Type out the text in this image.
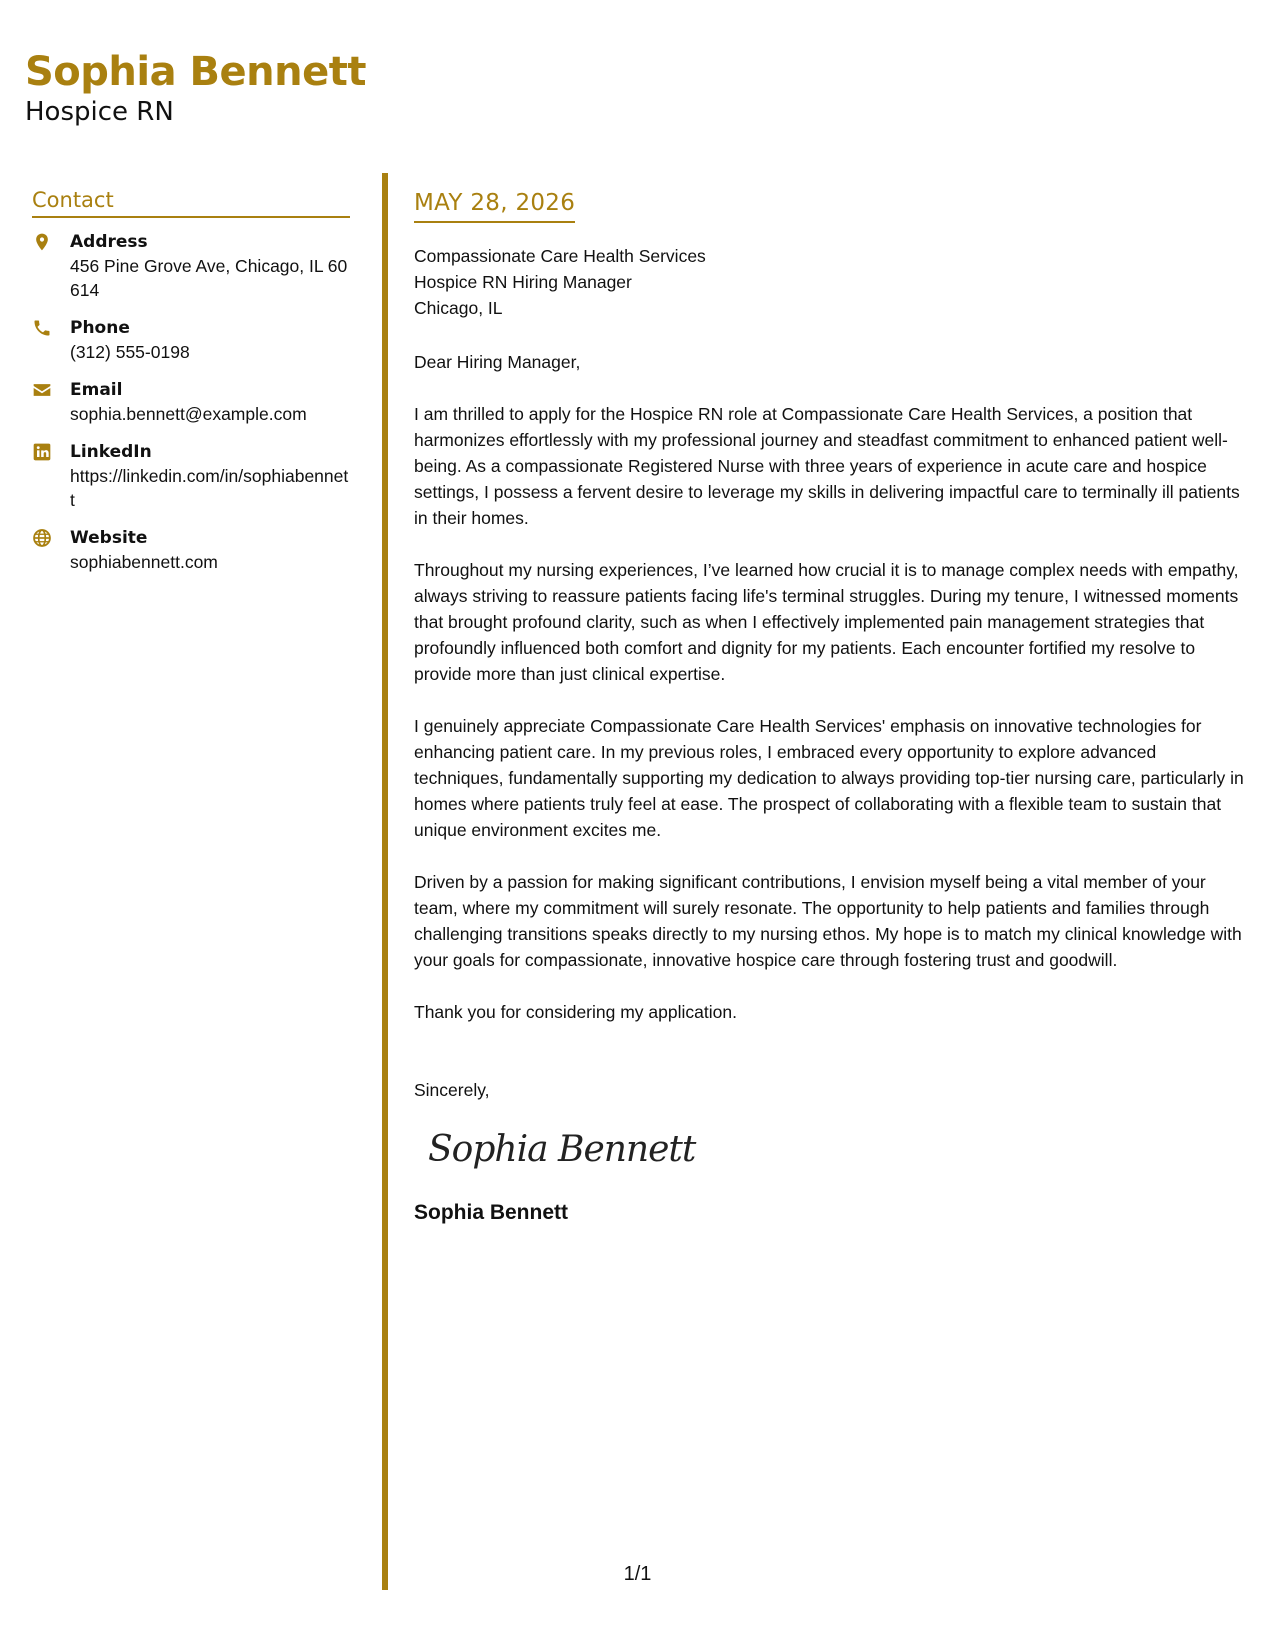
Sophia Bennett
Hospice RN
Contact
Address
456 Pine Grove Ave, Chicago, IL 60614
Phone
(312) 555-0198
Email
sophia.bennett@example.com
LinkedIn
https://linkedin.com/in/sophiabennett
Website
sophiabennett.com
MAY 28, 2026
Compassionate Care Health Services
Hospice RN Hiring Manager
Chicago, IL
Dear Hiring Manager,
I am thrilled to apply for the Hospice RN role at Compassionate Care Health Services, a position that harmonizes effortlessly with my professional journey and steadfast commitment to enhanced patient well-being. As a compassionate Registered Nurse with three years of experience in acute care and hospice settings, I possess a fervent desire to leverage my skills in delivering impactful care to terminally ill patients in their homes.
Throughout my nursing experiences, I’ve learned how crucial it is to manage complex needs with empathy, always striving to reassure patients facing life's terminal struggles. During my tenure, I witnessed moments that brought profound clarity, such as when I effectively implemented pain management strategies that profoundly influenced both comfort and dignity for my patients. Each encounter fortified my resolve to provide more than just clinical expertise.
I genuinely appreciate Compassionate Care Health Services' emphasis on innovative technologies for enhancing patient care. In my previous roles, I embraced every opportunity to explore advanced techniques, fundamentally supporting my dedication to always providing top-tier nursing care, particularly in homes where patients truly feel at ease. The prospect of collaborating with a flexible team to sustain that unique environment excites me.
Driven by a passion for making significant contributions, I envision myself being a vital member of your team, where my commitment will surely resonate. The opportunity to help patients and families through challenging transitions speaks directly to my nursing ethos. My hope is to match my clinical knowledge with your goals for compassionate, innovative hospice care through fostering trust and goodwill.
Thank you for considering my application.
Sincerely,
Sophia Bennett
Sophia Bennett
1/1
